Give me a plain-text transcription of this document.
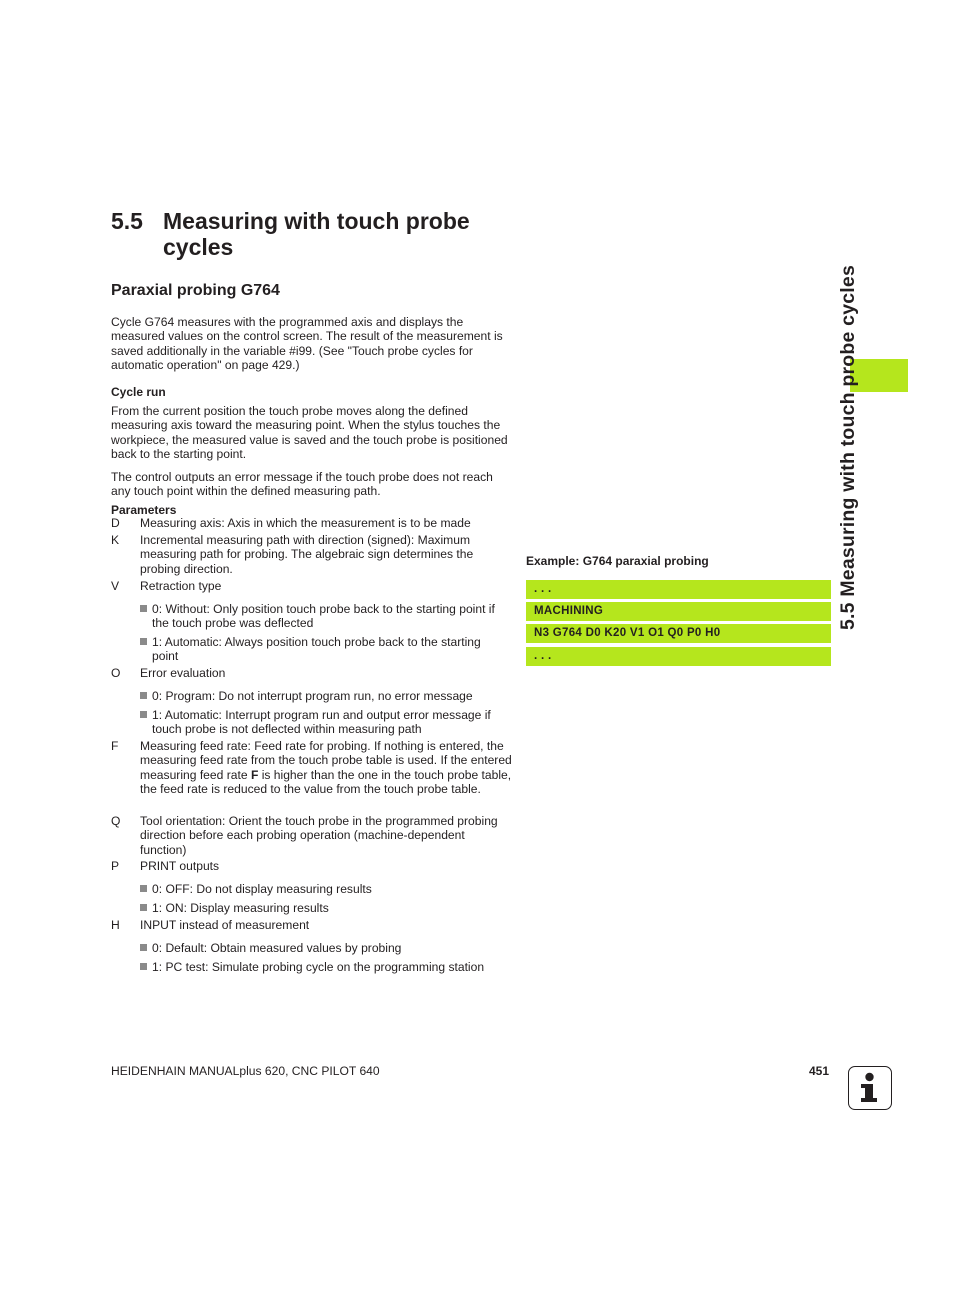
5.5 Measuring with touch probe
cycles
Paraxial probing G764
Cycle G764 measures with the programmed axis and displays the measured values on the control screen. The result of the measurement is saved additionally in the variable #i99. (See "Touch probe cycles for automatic operation" on page 429.)
Cycle run
From the current position the touch probe moves along the defined measuring axis toward the measuring point. When the stylus touches the workpiece, the measured value is saved and the touch probe is positioned back to the starting point.
The control outputs an error message if the touch probe does not reach any touch point within the defined measuring path.
Parameters
D	Measuring axis: Axis in which the measurement is to be made
K	Incremental measuring path with direction (signed): Maximum measuring path for probing. The algebraic sign determines the probing direction.
V	Retraction type
0: Without: Only position touch probe back to the starting point if the touch probe was deflected
1: Automatic: Always position touch probe back to the starting point
O	Error evaluation
0: Program: Do not interrupt program run, no error message
1: Automatic: Interrupt program run and output error message if touch probe is not deflected within measuring path
F	Measuring feed rate: Feed rate for probing. If nothing is entered, the measuring feed rate from the touch probe table is used. If the entered measuring feed rate F is higher than the one in the touch probe table, the feed rate is reduced to the value from the touch probe table.
Q	Tool orientation: Orient the touch probe in the programmed probing direction before each probing operation (machine-dependent function)
P	PRINT outputs
0: OFF: Do not display measuring results
1: ON: Display measuring results
H	INPUT instead of measurement
0: Default: Obtain measured values by probing
1: PC test: Simulate probing cycle on the programming station
Example: G764 paraxial probing
. . .
MACHINING
N3 G764 D0 K20 V1 O1 Q0 P0 H0
. . .
5.5 Measuring with touch probe cycles
HEIDENHAIN MANUALplus 620, CNC PILOT 640	451
